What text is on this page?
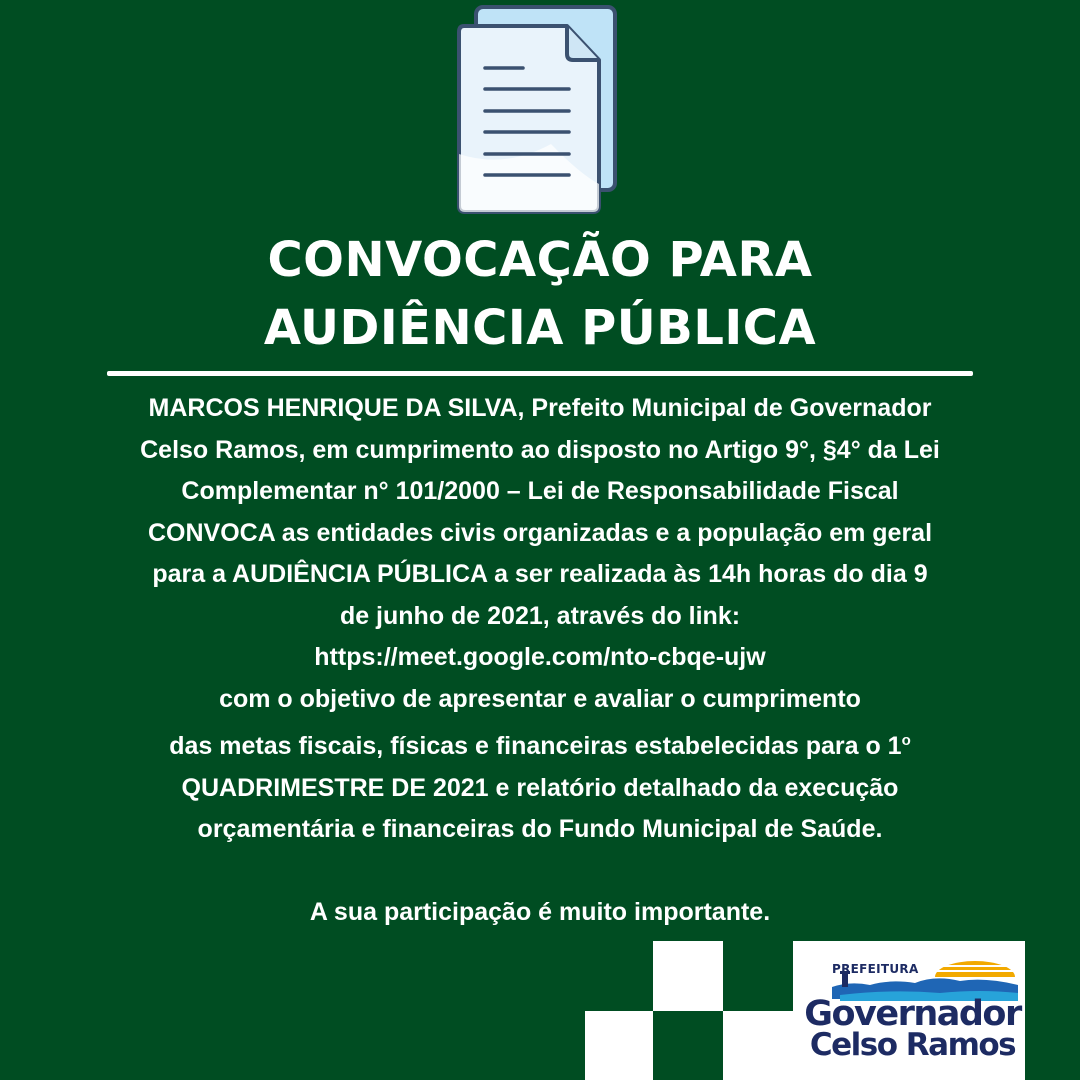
CONVOCAÇÃO PARA
AUDIÊNCIA PÚBLICA
MARCOS HENRIQUE DA SILVA, Prefeito Municipal de Governador
Celso Ramos, em cumprimento ao disposto no Artigo 9°, §4° da Lei
Complementar n° 101/2000 – Lei de Responsabilidade Fiscal
CONVOCA as entidades civis organizadas e a população em geral
para a AUDIÊNCIA PÚBLICA a ser realizada às 14h horas do dia 9
de junho de 2021, através do link:
https://meet.google.com/nto-cbqe-ujw
com o objetivo de apresentar e avaliar o cumprimento
das metas fiscais, físicas e financeiras estabelecidas para o 1$^o$
QUADRIMESTRE DE 2021 e relatório detalhado da execução
orçamentária e financeiras do Fundo Municipal de Saúde.
A sua participação é muito importante.
PREFEITURA
Governador
Celso Ramos
